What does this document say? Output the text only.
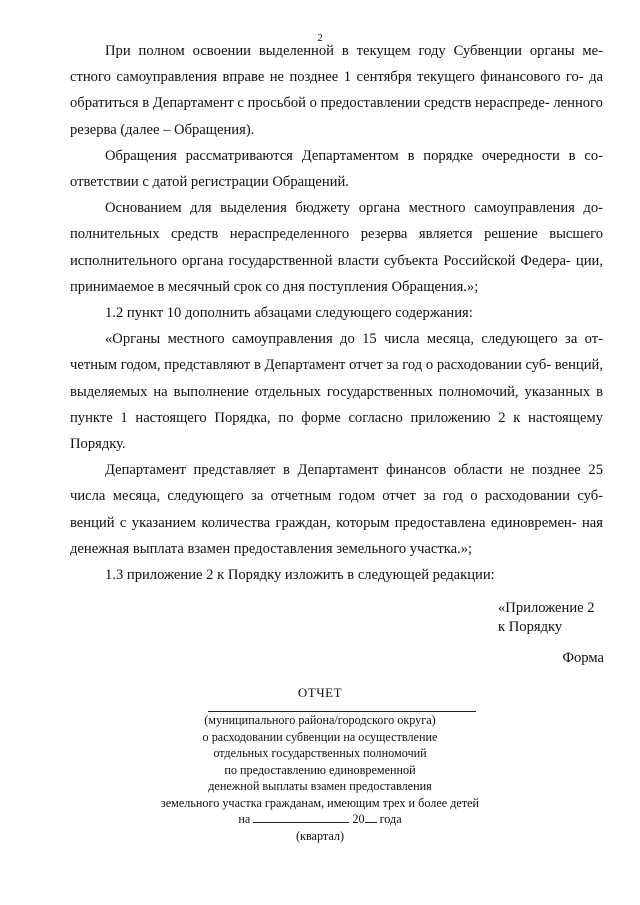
2
При полном освоении выделенной в текущем году Субвенции органы ме- стного самоуправления вправе не позднее 1 сентября текущего финансового го- да обратиться в Департамент с просьбой о предоставлении средств нераспреде- ленного резерва (далее – Обращения).
Обращения рассматриваются Департаментом в порядке очередности в со- ответствии с датой регистрации Обращений.
Основанием для выделения бюджету органа местного самоуправления до- полнительных средств нераспределенного резерва является решение высшего исполнительного органа государственной власти субъекта Российской Федера- ции, принимаемое в месячный срок со дня поступления Обращения.»;
1.2 пункт 10 дополнить абзацами следующего содержания:
«Органы местного самоуправления до 15 числа месяца, следующего за от- четным годом, представляют в Департамент отчет за год о расходовании суб- венций, выделяемых на выполнение отдельных государственных полномочий, указанных в пункте 1 настоящего Порядка, по форме согласно приложению 2 к настоящему Порядку.
Департамент представляет в Департамент финансов области не позднее 25 числа месяца, следующего за отчетным годом отчет за год о расходовании суб- венций с указанием количества граждан, которым предоставлена единовремен- ная денежная выплата взамен предоставления земельного участка.»;
1.3 приложение 2 к Порядку изложить в следующей редакции:
«Приложение 2
к Порядку
Форма
ОТЧЕТ
(муниципального района/городского округа)
о расходовании субвенции на осуществление
отдельных государственных полномочий
по предоставлению единовременной
денежной выплаты взамен предоставления
земельного участка гражданам, имеющим трех и более детей
на	20 года
(квартал)
